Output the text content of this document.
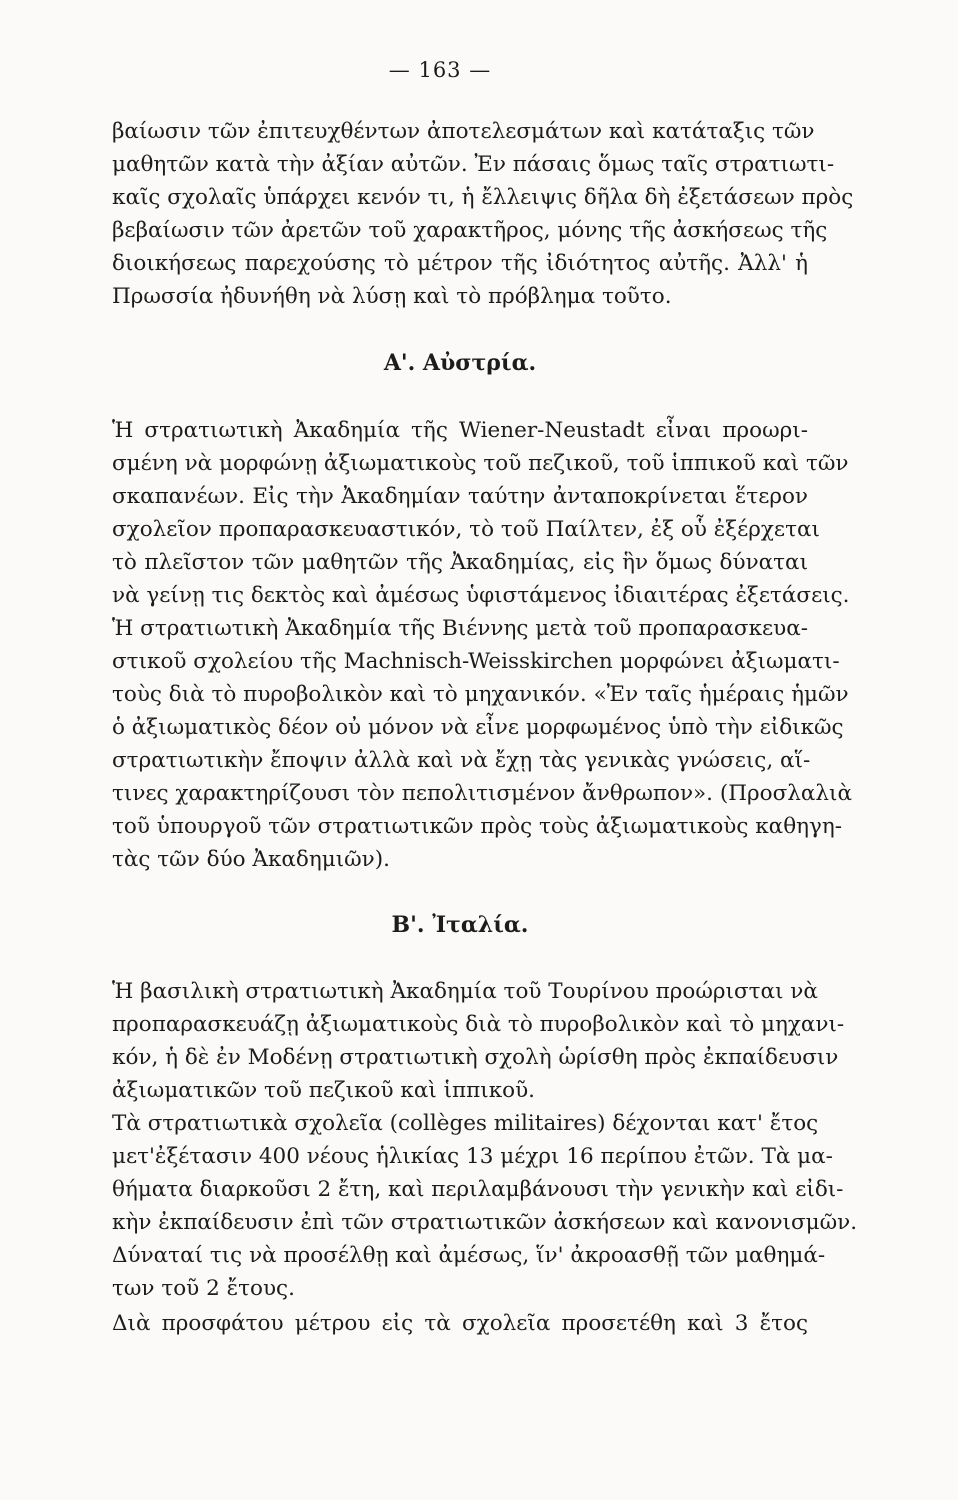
— 163 —
βαίωσιν τῶν ἐπιτευχθέντων ἀποτελεσμάτων καὶ κατάταξις τῶν
μαθητῶν κατὰ τὴν ἀξίαν αὐτῶν. Ἐν πάσαις ὅμως ταῖς στρατιωτι-
καῖς σχολαῖς ὑπάρχει κενόν τι, ἡ ἔλλειψις δῆλα δὴ ἐξετάσεων πρὸς
βεβαίωσιν τῶν ἀρετῶν τοῦ χαρακτῆρος, μόνης τῆς ἀσκήσεως τῆς
διοικήσεως παρεχούσης τὸ μέτρον τῆς ἰδιότητος αὐτῆς. Ἀλλ' ἡ
Πρωσσία ἠδυνήθη νὰ λύσῃ καὶ τὸ πρόβλημα τοῦτο.
Α'. Αὐστρία.
Ἡ στρατιωτικὴ Ἀκαδημία τῆς Wiener-Neustadt εἶναι προωρι-
σμένη νὰ μορφώνῃ ἀξιωματικοὺς τοῦ πεζικοῦ, τοῦ ἱππικοῦ καὶ τῶν
σκαπανέων. Εἰς τὴν Ἀκαδημίαν ταύτην ἀνταποκρίνεται ἕτερον
σχολεῖον προπαρασκευαστικόν, τὸ τοῦ Παίλτεν, ἐξ οὗ ἐξέρχεται
τὸ πλεῖστον τῶν μαθητῶν τῆς Ἀκαδημίας, εἰς ἣν ὅμως δύναται
νὰ γείνῃ τις δεκτὸς καὶ ἀμέσως ὑφιστάμενος ἰδιαιτέρας ἐξετάσεις.
Ἡ στρατιωτικὴ Ἀκαδημία τῆς Βιέννης μετὰ τοῦ προπαρασκευα-
στικοῦ σχολείου τῆς Machnisch-Weisskirchen μορφώνει ἀξιωματι-
τοὺς διὰ τὸ πυροβολικὸν καὶ τὸ μηχανικόν. «Ἐν ταῖς ἡμέραις ἡμῶν
ὁ ἀξιωματικὸς δέον οὐ μόνον νὰ εἶνε μορφωμένος ὑπὸ τὴν εἰδικῶς
στρατιωτικὴν ἔποψιν ἀλλὰ καὶ νὰ ἔχῃ τὰς γενικὰς γνώσεις, αἵ-
τινες χαρακτηρίζουσι τὸν πεπολιτισμένον ἄνθρωπον». (Προσλαλιὰ
τοῦ ὑπουργοῦ τῶν στρατιωτικῶν πρὸς τοὺς ἀξιωματικοὺς καθηγη-
τὰς τῶν δύο Ἀκαδημιῶν).
Β'. Ἰταλία.
Ἡ βασιλικὴ στρατιωτικὴ Ἀκαδημία τοῦ Τουρίνου προώρισται νὰ
προπαρασκευάζῃ ἀξιωματικοὺς διὰ τὸ πυροβολικὸν καὶ τὸ μηχανι-
κόν, ἡ δὲ ἐν Μοδένῃ στρατιωτικὴ σχολὴ ὡρίσθη πρὸς ἐκπαίδευσιν
ἀξιωματικῶν τοῦ πεζικοῦ καὶ ἱππικοῦ.
Τὰ στρατιωτικὰ σχολεῖα (collèges militaires) δέχονται κατ' ἔτος
μετ'ἐξέτασιν 400 νέους ἡλικίας 13 μέχρι 16 περίπου ἐτῶν. Τὰ μα-
θήματα διαρκοῦσι 2 ἔτη, καὶ περιλαμβάνουσι τὴν γενικὴν καὶ εἰδι-
κὴν ἐκπαίδευσιν ἐπὶ τῶν στρατιωτικῶν ἀσκήσεων καὶ κανονισμῶν.
Δύναταί τις νὰ προσέλθῃ καὶ ἀμέσως, ἵν' ἀκροασθῇ τῶν μαθημά-
των τοῦ 2 ἔτους.
Διὰ προσφάτου μέτρου εἰς τὰ σχολεῖα προσετέθη καὶ 3 ἔτος
